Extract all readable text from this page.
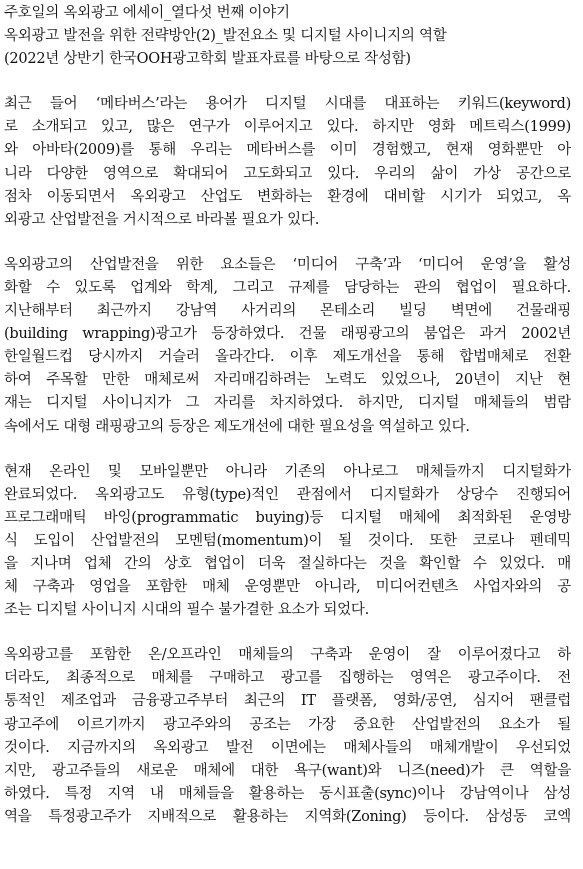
주호일의 옥외광고 에세이_열다섯 번째 이야기
옥외광고 발전을 위한 전략방안(2)_발전요소 및 디지털 사이니지의 역할
(2022년 상반기 한국OOH광고학회 발표자료를 바탕으로 작성함)
최근 들어 ‘메타버스’라는 용어가 디지털 시대를 대표하는 키워드(keyword)
로 소개되고 있고, 많은 연구가 이루어지고 있다. 하지만 영화 메트릭스(1999)
와 아바타(2009)를 통해 우리는 메타버스를 이미 경험했고, 현재 영화뿐만 아
니라 다양한 영역으로 확대되어 고도화되고 있다. 우리의 삶이 가상 공간으로
점차 이동되면서 옥외광고 산업도 변화하는 환경에 대비할 시기가 되었고, 옥
외광고 산업발전을 거시적으로 바라볼 필요가 있다.
옥외광고의 산업발전을 위한 요소들은 ‘미디어 구축’과 ‘미디어 운영’을 활성
화할 수 있도록 업계와 학계, 그리고 규제를 담당하는 관의 협업이 필요하다.
지난해부터 최근까지 강남역 사거리의 몬테소리 빌딩 벽면에 건물래핑
(building wrapping)광고가 등장하였다. 건물 래핑광고의 붐업은 과거 2002년
한일월드컵 당시까지 거슬러 올라간다. 이후 제도개선을 통해 합법매체로 전환
하여 주목할 만한 매체로써 자리매김하려는 노력도 있었으나, 20년이 지난 현
재는 디지털 사이니지가 그 자리를 차지하였다. 하지만, 디지털 매체들의 범람
속에서도 대형 래핑광고의 등장은 제도개선에 대한 필요성을 역설하고 있다.
현재 온라인 및 모바일뿐만 아니라 기존의 아나로그 매체들까지 디지털화가
완료되었다. 옥외광고도 유형(type)적인 관점에서 디지털화가 상당수 진행되어
프로그래매틱 바잉(programmatic buying)등 디지털 매체에 최적화된 운영방
식 도입이 산업발전의 모멘텀(momentum)이 될 것이다. 또한 코로나 펜데믹
을 지나며 업체 간의 상호 협업이 더욱 절실하다는 것을 확인할 수 있었다. 매
체 구축과 영업을 포함한 매체 운영뿐만 아니라, 미디어컨텐츠 사업자와의 공
조는 디지털 사이니지 시대의 필수 불가결한 요소가 되었다.
옥외광고를 포함한 온/오프라인 매체들의 구축과 운영이 잘 이루어졌다고 하
더라도, 최종적으로 매체를 구매하고 광고를 집행하는 영역은 광고주이다. 전
통적인 제조업과 금융광고주부터 최근의 IT 플랫폼, 영화/공연, 심지어 팬클럽
광고주에 이르기까지 광고주와의 공조는 가장 중요한 산업발전의 요소가 될
것이다. 지금까지의 옥외광고 발전 이면에는 매체사들의 매체개발이 우선되었
지만, 광고주들의 새로운 매체에 대한 욕구(want)와 니즈(need)가 큰 역할을
하였다. 특정 지역 내 매체들을 활용하는 동시표출(sync)이나 강남역이나 삼성
역을 특정광고주가 지배적으로 활용하는 지역화(Zoning) 등이다. 삼성동 코엑
